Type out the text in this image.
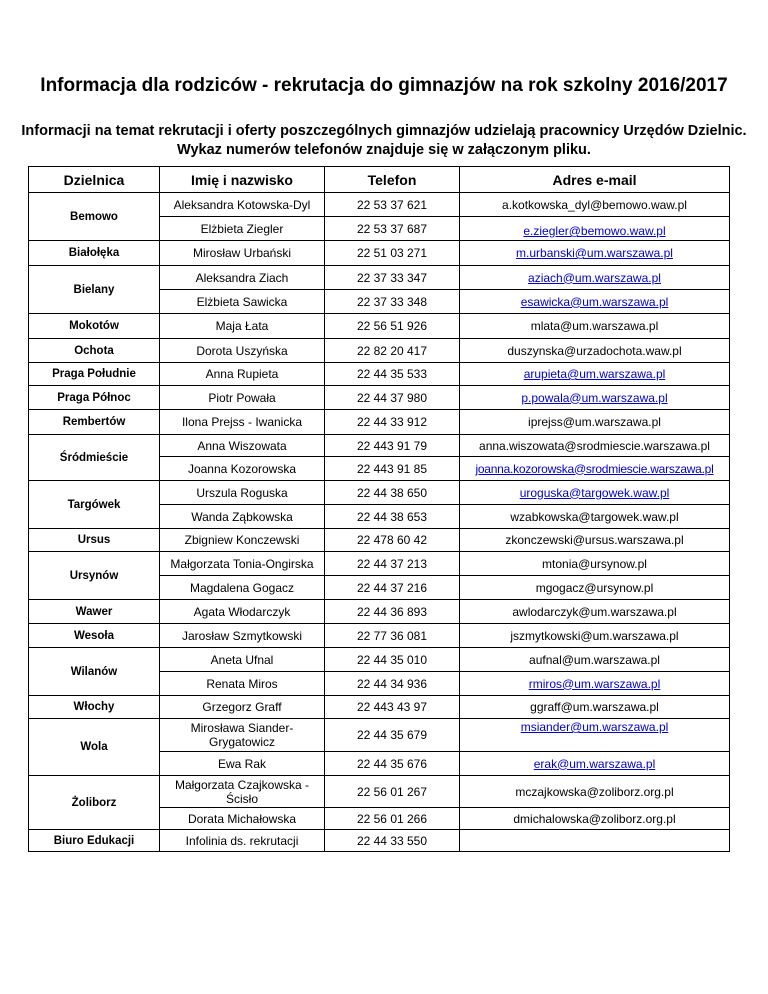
Informacja dla rodziców - rekrutacja do gimnazjów na rok szkolny 2016/2017
Informacji na temat rekrutacji i oferty poszczególnych gimnazjów udzielają pracownicy Urzędów Dzielnic. Wykaz numerów telefonów znajduje się w załączonym pliku.
Dzielnica	Imię i nazwisko	Telefon	Adres e-mail
Bemowo	Aleksandra Kotowska-Dyl	22 53 37 621	a.kotkowska_dyl@bemowo.waw.pl
	Elżbieta Ziegler	22 53 37 687	e.ziegler@bemowo.waw.pl
Białołęka	Mirosław Urbański	22 51 03 271	m.urbanski@um.warszawa.pl
Bielany	Aleksandra Ziach	22 37 33 347	aziach@um.warszawa.pl
	Elżbieta Sawicka	22 37 33 348	esawicka@um.warszawa.pl
Mokotów	Maja Łata	22 56 51 926	mlata@um.warszawa.pl
Ochota	Dorota Uszyńska	22 82 20 417	duszynska@urzadochota.waw.pl
Praga Południe	Anna Rupieta	22 44 35 533	arupieta@um.warszawa.pl
Praga Północ	Piotr Powała	22 44 37 980	p.powala@um.warszawa.pl
Rembertów	Ilona Prejss - Iwanicka	22 44 33 912	iprejss@um.warszawa.pl
Śródmieście	Anna Wiszowata	22 443 91 79	anna.wiszowata@srodmiescie.warszawa.pl
	Joanna Kozorowska	22 443 91 85	joanna.kozorowska@srodmiescie.warszawa.pl
Targówek	Urszula Roguska	22 44 38 650	uroguska@targowek.waw.pl
	Wanda Ząbkowska	22 44 38 653	wzabkowska@targowek.waw.pl
Ursus	Zbigniew Konczewski	22 478 60 42	zkonczewski@ursus.warszawa.pl
Ursynów	Małgorzata Tonia-Ongirska	22 44 37 213	mtonia@ursynow.pl
	Magdalena Gogacz	22 44 37 216	mgogacz@ursynow.pl
Wawer	Agata Włodarczyk	22 44 36 893	awlodarczyk@um.warszawa.pl
Wesoła	Jarosław Szmytkowski	22 77 36 081	jszmytkowski@um.warszawa.pl
Wilanów	Aneta Ufnal	22 44 35 010	aufnal@um.warszawa.pl
	Renata Miros	22 44 34 936	rmiros@um.warszawa.pl
Włochy	Grzegorz Graff	22 443 43 97	ggraff@um.warszawa.pl
Wola	Mirosława Siander-Grygatowicz	22 44 35 679	msiander@um.warszawa.pl
	Ewa Rak	22 44 35 676	erak@um.warszawa.pl
Żoliborz	Małgorzata Czajkowska - Ścisło	22 56 01 267	mczajkowska@zoliborz.org.pl
	Dorata Michałowska	22 56 01 266	dmichalowska@zoliborz.org.pl
Biuro Edukacji	Infolinia ds. rekrutacji	22 44 33 550	
